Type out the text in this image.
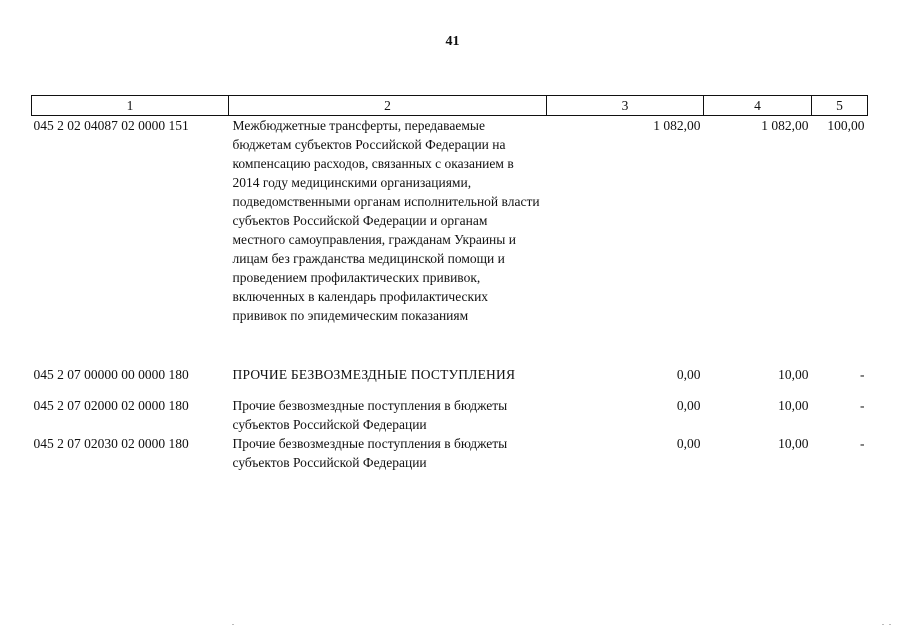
41
1	2	3	4	5
045 2 02 04087 02 0000 151	Межбюджетные трансферты, передаваемые бюджетам субъектов Российской Федерации на компенсацию расходов, связанных с оказанием в 2014 году медицинскими организациями, подведомственными органам исполнительной власти субъектов Российской Федерации и органам местного самоуправления, гражданам Украины и лицам без гражданства медицинской помощи и проведением профилактических прививок, включенных в календарь профилактических прививок по эпидемическим показаниям	1 082,00	1 082,00	100,00
045 2 07 00000 00 0000 180	ПРОЧИЕ БЕЗВОЗМЕЗДНЫЕ ПОСТУПЛЕНИЯ	0,00	10,00	-
045 2 07 02000 02 0000 180	Прочие безвозмездные поступления в бюджеты субъектов Российской Федерации	0,00	10,00	-
045 2 07 02030 02 0000 180	Прочие безвозмездные поступления в бюджеты субъектов Российской Федерации	0,00	10,00	-
